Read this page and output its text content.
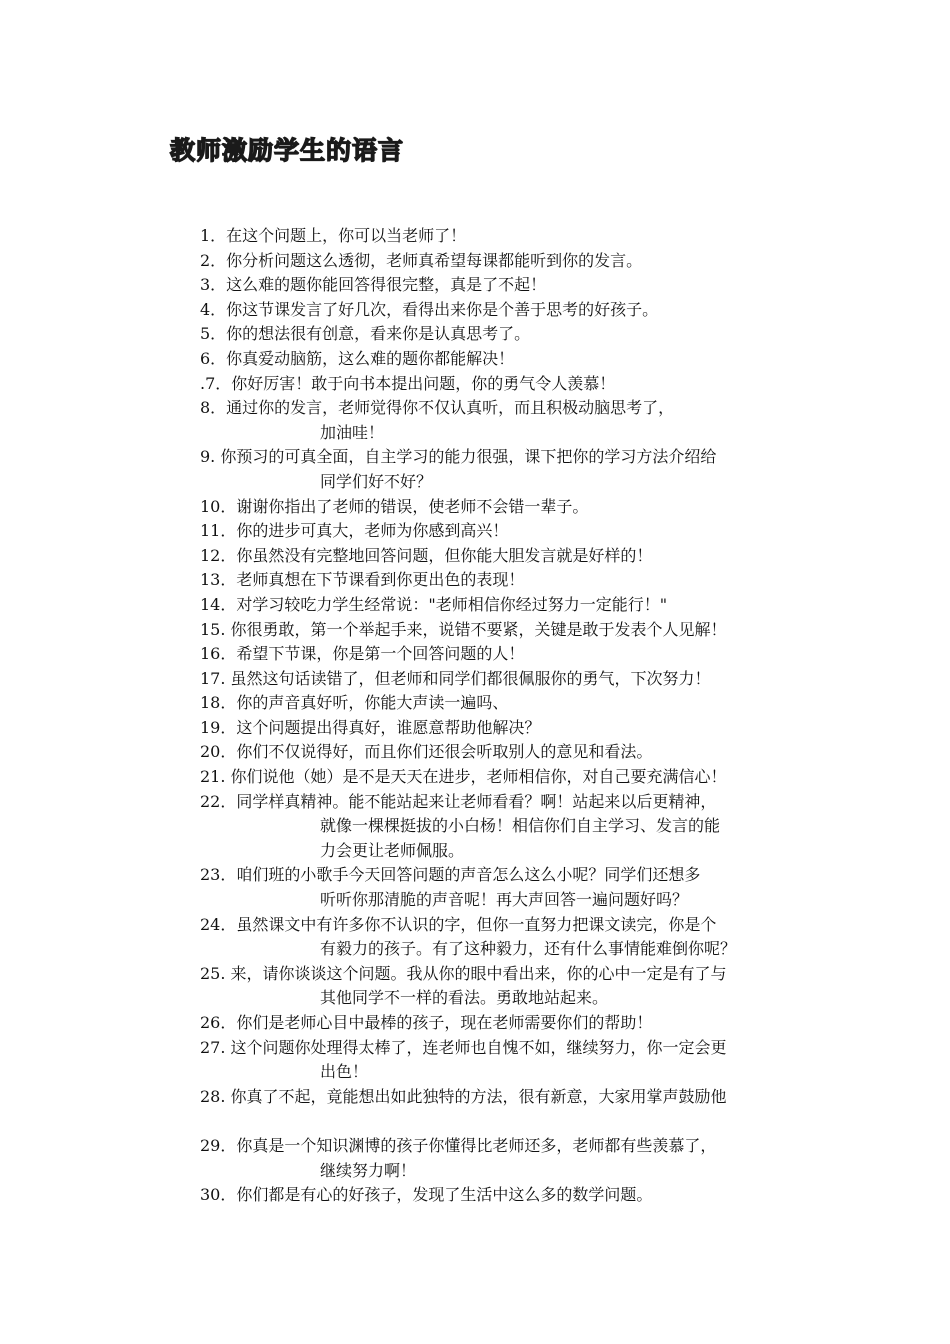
教师激励学生的语言
1．在这个问题上，你可以当老师了！
2．你分析问题这么透彻，老师真希望每课都能听到你的发言。
3．这么难的题你能回答得很完整，真是了不起！
4．你这节课发言了好几次，看得出来你是个善于思考的好孩子。
5．你的想法很有创意，看来你是认真思考了。
6．你真爱动脑筋，这么难的题你都能解决！
.7．你好厉害！敢于向书本提出问题，你的勇气令人羡慕！
8．通过你的发言，老师觉得你不仅认真听，而且积极动脑思考了，
加油哇！
9. 你预习的可真全面，自主学习的能力很强，课下把你的学习方法介绍给
同学们好不好？
10．谢谢你指出了老师的错误，使老师不会错一辈子。
11．你的进步可真大，老师为你感到高兴！
12．你虽然没有完整地回答问题，但你能大胆发言就是好样的！
13．老师真想在下节课看到你更出色的表现！
14．对学习较吃力学生经常说："老师相信你经过努力一定能行！"
15. 你很勇敢，第一个举起手来，说错不要紧，关键是敢于发表个人见解！
16．希望下节课，你是第一个回答问题的人！
17. 虽然这句话读错了，但老师和同学们都很佩服你的勇气，下次努力！
18．你的声音真好听，你能大声读一遍吗、
19．这个问题提出得真好，谁愿意帮助他解决？
20．你们不仅说得好，而且你们还很会听取别人的意见和看法。
21. 你们说他（她）是不是天天在进步，老师相信你，对自己要充满信心！
22．同学样真精神。能不能站起来让老师看看？啊！站起来以后更精神，
就像一棵棵挺拔的小白杨！相信你们自主学习、发言的能
力会更让老师佩服。
23．咱们班的小歌手今天回答问题的声音怎么这么小呢？同学们还想多
听听你那清脆的声音呢！再大声回答一遍问题好吗？
24．虽然课文中有许多你不认识的字，但你一直努力把课文读完，你是个
有毅力的孩子。有了这种毅力，还有什么事情能难倒你呢？
25. 来，请你谈谈这个问题。我从你的眼中看出来，你的心中一定是有了与
其他同学不一样的看法。勇敢地站起来。
26．你们是老师心目中最棒的孩子，现在老师需要你们的帮助！
27. 这个问题你处理得太棒了，连老师也自愧不如，继续努力，你一定会更
出色！
28. 你真了不起，竟能想出如此独特的方法，很有新意，大家用掌声鼓励他
29．你真是一个知识渊博的孩子你懂得比老师还多，老师都有些羡慕了，
继续努力啊！
30．你们都是有心的好孩子，发现了生活中这么多的数学问题。
